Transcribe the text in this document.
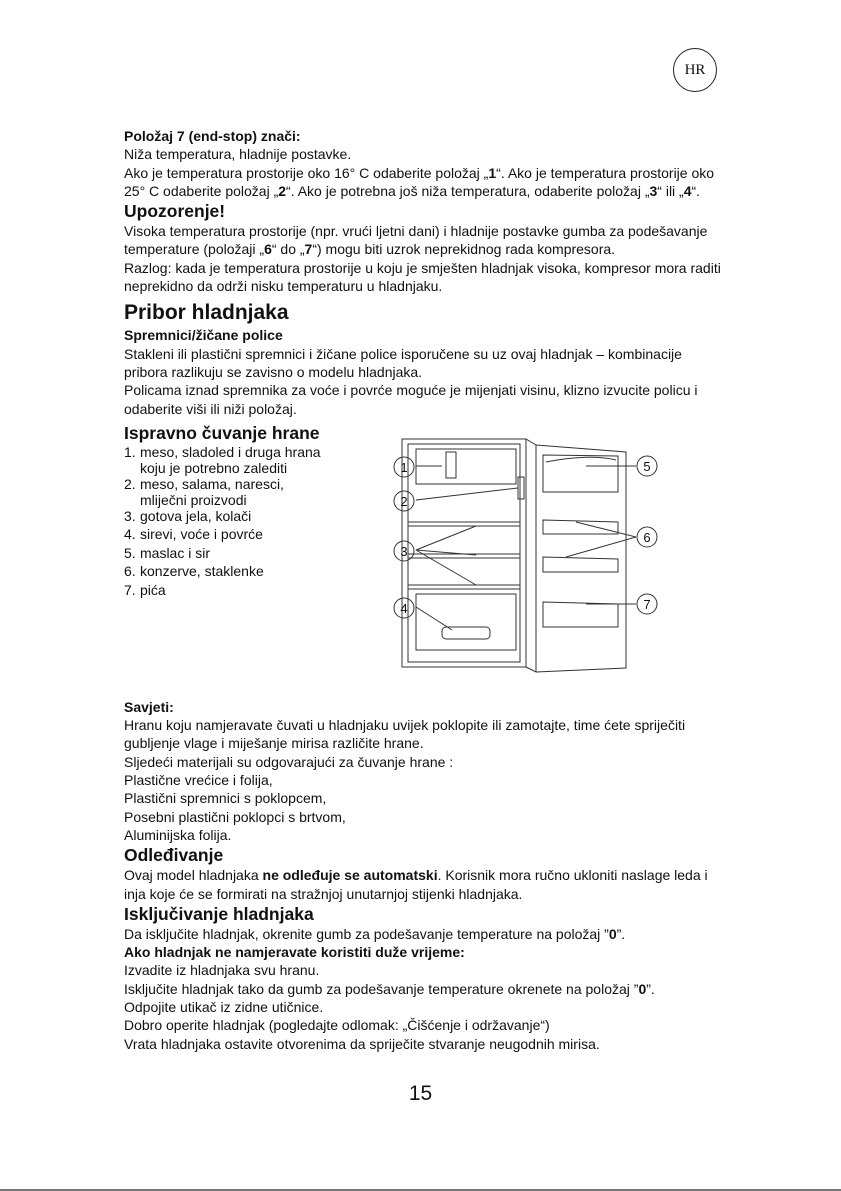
HR

Položaj 7 (end-stop) znači:

Niža temperatura, hladnije postavke.

Ako je temperatura prostorije oko 16° C odaberite položaj „1“. Ako je temperatura prostorije oko 25° C odaberite položaj „2“. Ako je potrebna još niža temperatura, odaberite položaj „3“ ili „4“.

Upozorenje!

Visoka temperatura prostorije (npr. vrući ljetni dani) i hladnije postavke gumba za podešavanje temperature (položaji „6“ do „7“) mogu biti uzrok neprekidnog rada kompresora.

Razlog: kada je temperatura prostorije u koju je smješten hladnjak visoka, kompresor mora raditi neprekidno da održi nisku temperaturu u hladnjaku.

Pribor hladnjaka

Spremnici/žičane police

Stakleni ili plastični spremnici i žičane police isporučene su uz ovaj hladnjak – kombinacije pribora razlikuju se zavisno o modelu hladnjaka.

Policama iznad spremnika za voće i povrće moguće je mijenjati visinu, klizno izvucite policu i odaberite viši ili niži položaj.

Ispravno čuvanje hrane
1. meso, sladoled i druga hrana
koju je potrebno zalediti
2. meso, salama, naresci,
mliječni proizvodi
3. gotova jela, kolači
4. sirevi, voće i povrće
5. maslac i sir
6. konzerve, staklenke
7. pića
1
2
3
4
5
6
7

Savjeti:

Hranu koju namjeravate čuvati u hladnjaku uvijek poklopite ili zamotajte, time ćete spriječiti gubljenje vlage i miješanje mirisa različite hrane.

Sljedeći materijali su odgovarajući za čuvanje hrane :

Plastične vrećice i folija,

Plastični spremnici s poklopcem,

Posebni plastični poklopci s brtvom,

Aluminijska folija.

Odleđivanje

Ovaj model hladnjaka ne odleđuje se automatski. Korisnik mora ručno ukloniti naslage leda i inja koje će se formirati na stražnjoj unutarnjoj stijenki hladnjaka.

Isključivanje hladnjaka

Da isključite hladnjak, okrenite gumb za podešavanje temperature na položaj ”0”.

Ako hladnjak ne namjeravate koristiti duže vrijeme:

Izvadite iz hladnjaka svu hranu.

Isključite hladnjak tako da gumb za podešavanje temperature okrenete na položaj ”0”.

Odpojite utikač iz zidne utičnice.

Dobro operite hladnjak (pogledajte odlomak: „Čišćenje i održavanje“)

Vrata hladnjaka ostavite otvorenima da spriječite stvaranje neugodnih mirisa.

15
